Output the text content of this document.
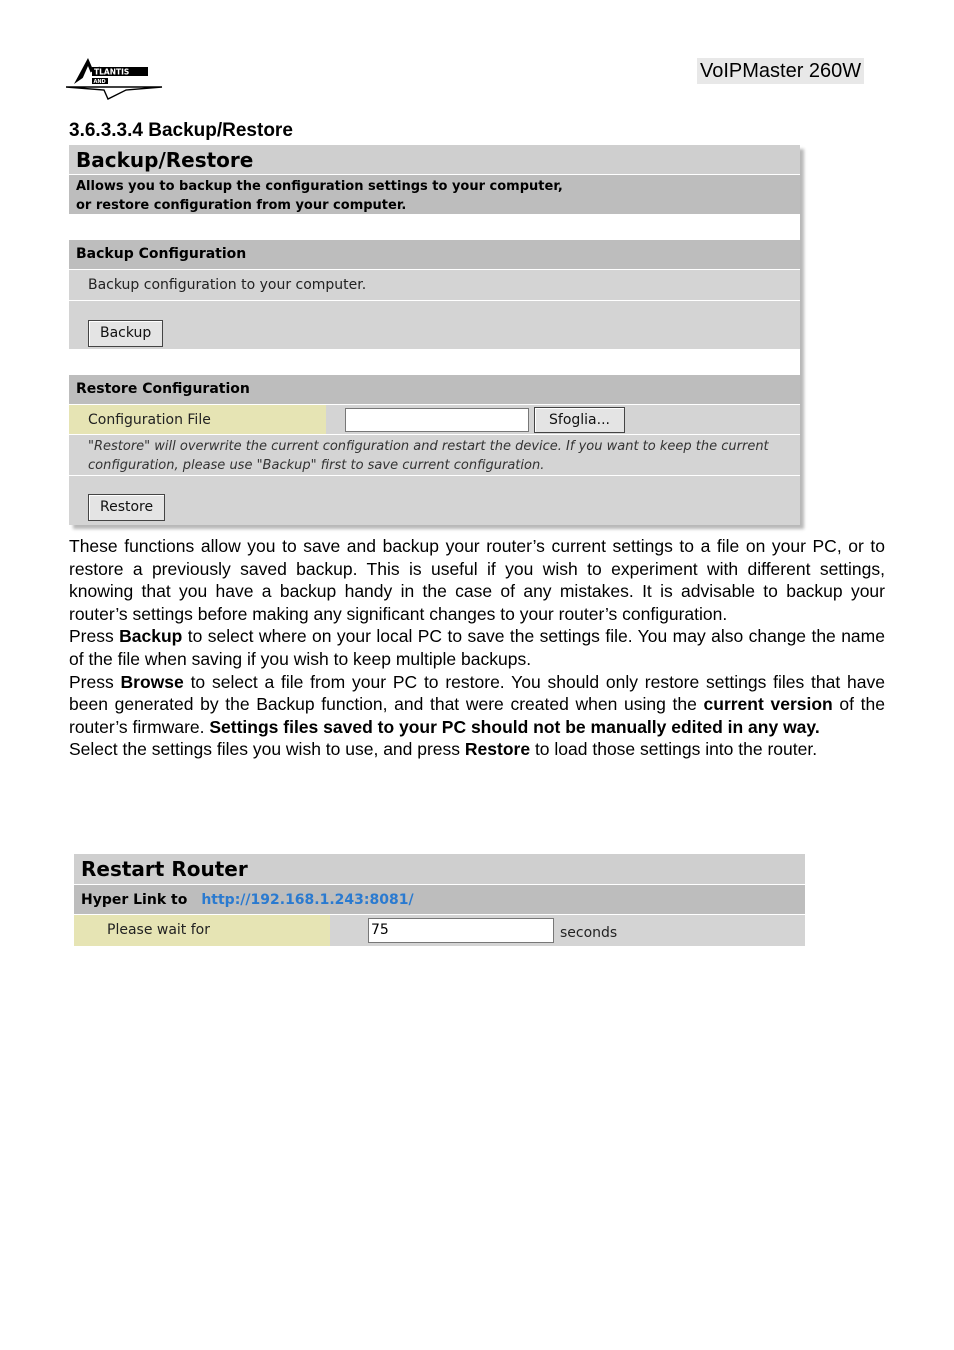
TLANTIS
AND	VoIPMaster 260W
3.6.3.3.4 Backup/Restore
Backup/Restore
Allows you to backup the configuration settings to your computer,
or restore configuration from your computer.
Backup Configuration
Backup configuration to your computer.
Backup
Restore Configuration
Configuration File	Sfoglia...
"Restore" will overwrite the current configuration and restart the device. If you want to keep the current
configuration, please use "Backup" first to save current configuration.
Restore

These functions allow you to save and backup your router’s current settings to a file on your PC, or to restore a previously saved backup. This is useful if you wish to experiment with different settings, knowing that you have a backup handy in the case of any mistakes. It is advisable to backup your router’s settings before making any significant changes to your router’s configuration.

Press Backup to select where on your local PC to save the settings file. You may also change the name of the file when saving if you wish to keep multiple backups.

Press Browse to select a file from your PC to restore. You should only restore settings files that have been generated by the Backup function, and that were created when using the current version of the router’s firmware. Settings files saved to your PC should not be manually edited in any way.

Select the settings files you wish to use, and press Restore to load those settings into the router.

Restart Router
Hyper Link to http://192.168.1.243:8081/
Please wait for	75	seconds
